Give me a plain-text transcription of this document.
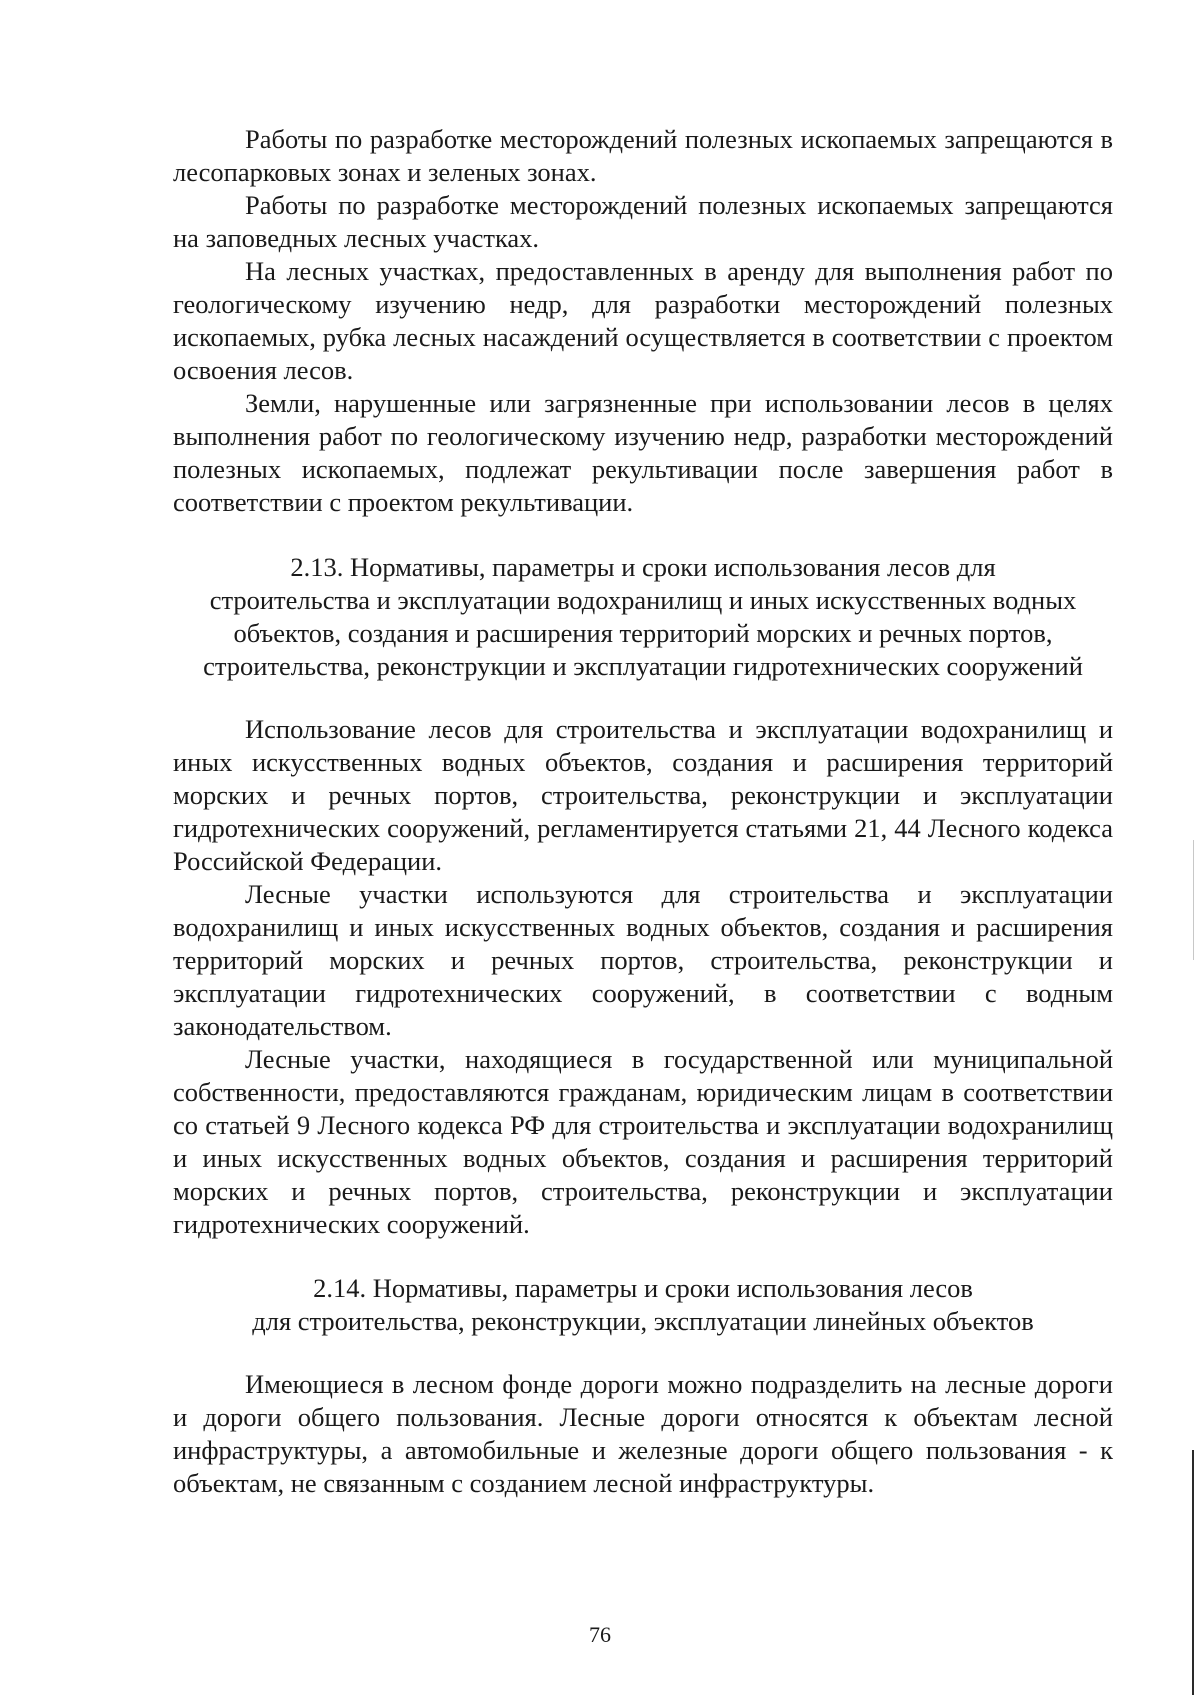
Работы по разработке месторождений полезных ископаемых запрещаются в лесопарковых зонах и зеленых зонах.

Работы по разработке месторождений полезных ископаемых запрещаются на заповедных лесных участках.

На лесных участках, предоставленных в аренду для выполнения работ по геологическому изучению недр, для разработки месторождений полезных ископаемых, рубка лесных насаждений осуществляется в соответствии с проектом освоения лесов.

Земли, нарушенные или загрязненные при использовании лесов в целях выполнения работ по геологическому изучению недр, разработки месторождений полезных ископаемых, подлежат рекультивации после завершения работ в соответствии с проектом рекультивации.

2.13. Нормативы, параметры и сроки использования лесов для
строительства и эксплуатации водохранилищ и иных искусственных водных
объектов, создания и расширения территорий морских и речных портов,
строительства, реконструкции и эксплуатации гидротехнических сооружений

Использование лесов для строительства и эксплуатации водохранилищ и иных искусственных водных объектов, создания и расширения территорий морских и речных портов, строительства, реконструкции и эксплуатации гидротехнических сооружений, регламентируется статьями 21, 44 Лесного кодекса Российской Федерации.

Лесные участки используются для строительства и эксплуатации водохранилищ и иных искусственных водных объектов, создания и расширения территорий морских и речных портов, строительства, реконструкции и эксплуатации гидротехнических сооружений, в соответствии с водным законодательством.

Лесные участки, находящиеся в государственной или муниципальной собственности, предоставляются гражданам, юридическим лицам в соответствии со статьей 9 Лесного кодекса РФ для строительства и эксплуатации водохранилищ и иных искусственных водных объектов, создания и расширения территорий морских и речных портов, строительства, реконструкции и эксплуатации гидротехнических сооружений.

2.14. Нормативы, параметры и сроки использования лесов
для строительства, реконструкции, эксплуатации линейных объектов

Имеющиеся в лесном фонде дороги можно подразделить на лесные дороги и дороги общего пользования. Лесные дороги относятся к объектам лесной инфраструктуры, а автомобильные и железные дороги общего пользования - к объектам, не связанным с созданием лесной инфраструктуры.

76
